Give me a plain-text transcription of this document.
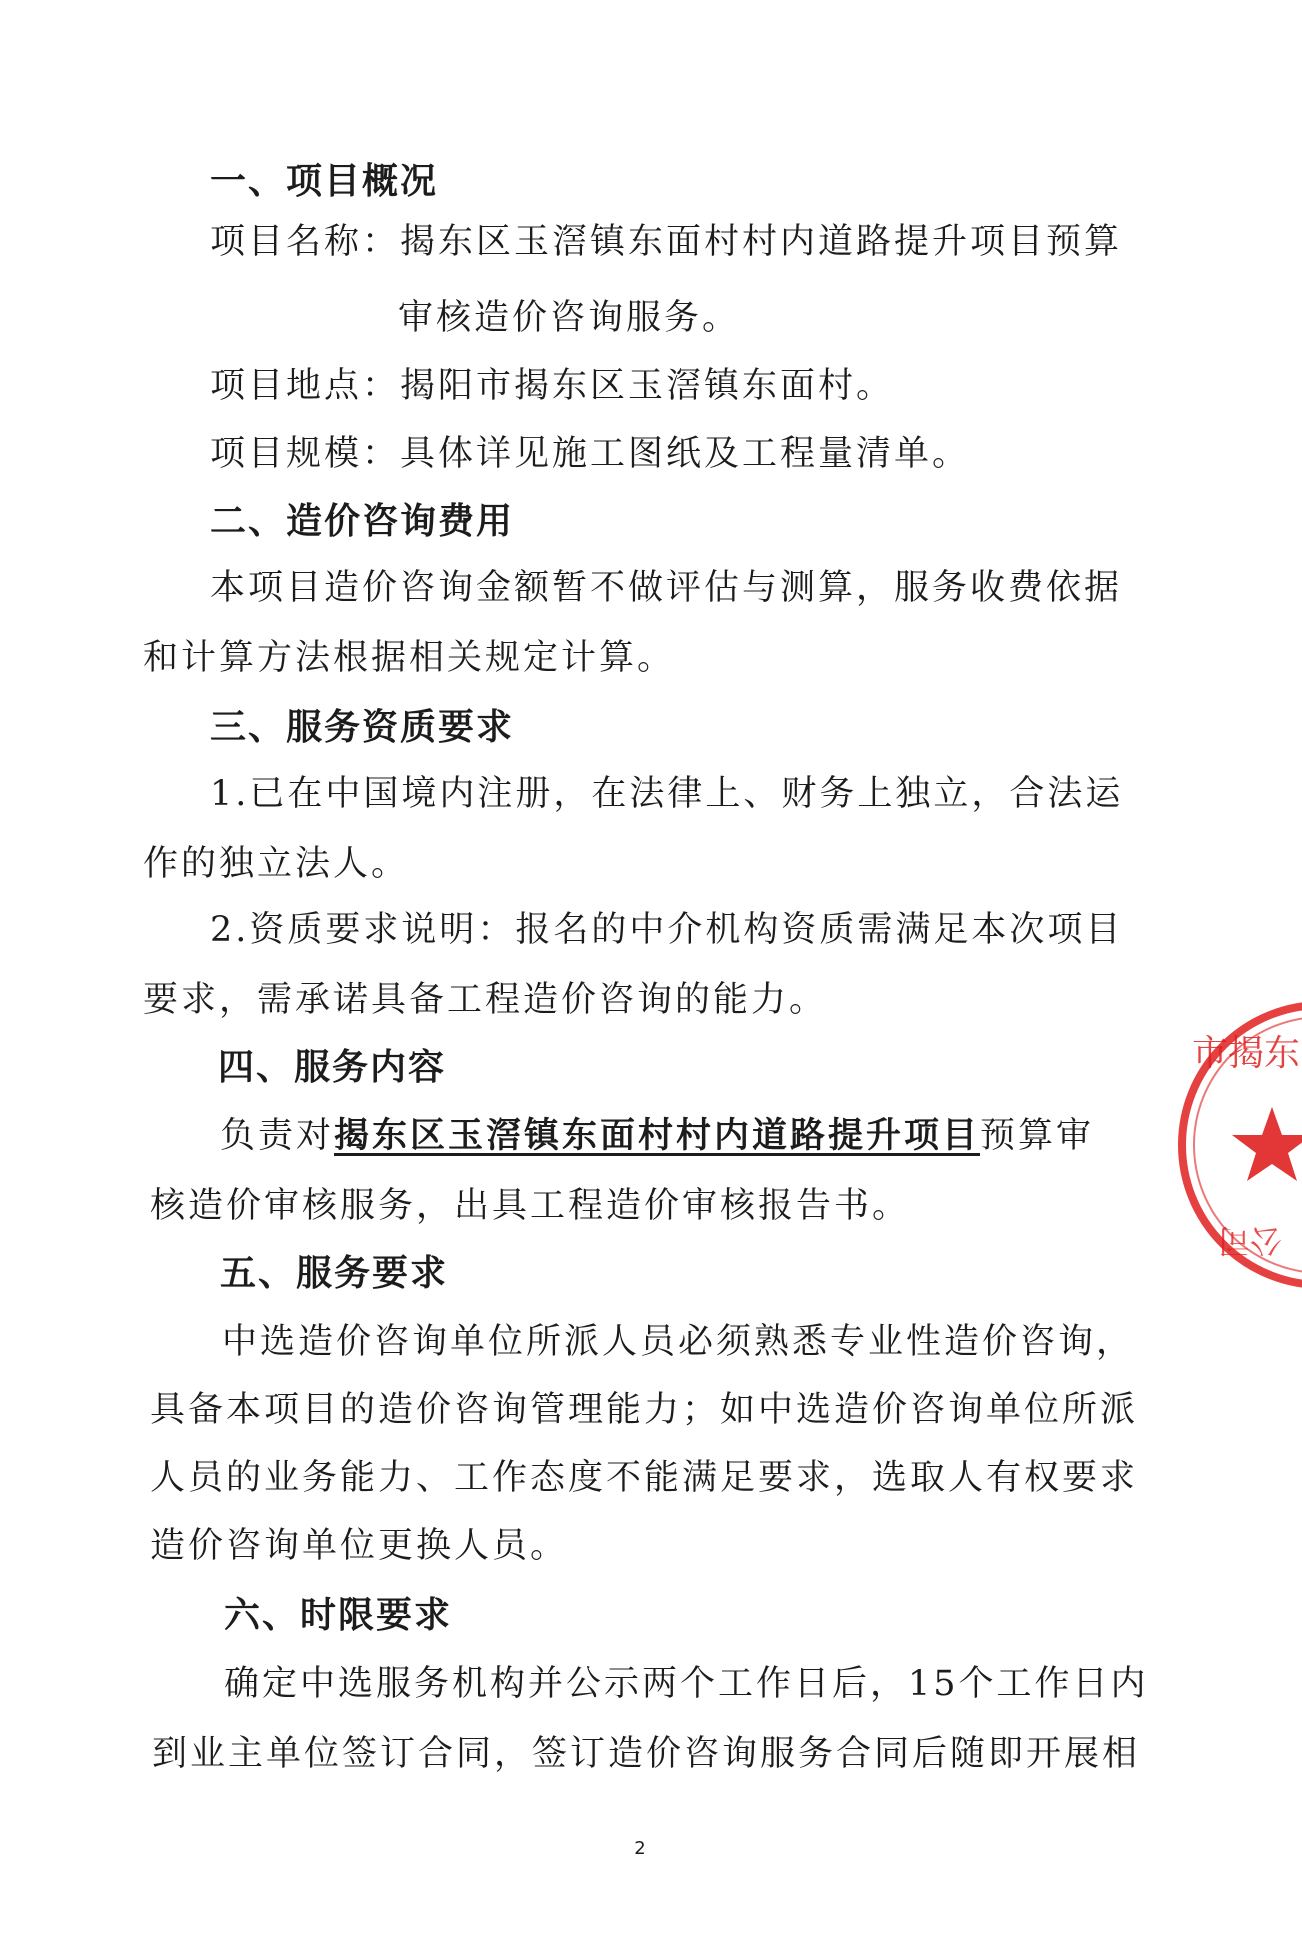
一、项目概况
项目名称：揭东区玉滘镇东面村村内道路提升项目预算
审核造价咨询服务。
项目地点：揭阳市揭东区玉滘镇东面村。
项目规模：具体详见施工图纸及工程量清单。
二、造价咨询费用
本项目造价咨询金额暂不做评估与测算，服务收费依据
和计算方法根据相关规定计算。
三、服务资质要求
1.已在中国境内注册，在法律上、财务上独立，合法运
作的独立法人。
2.资质要求说明：报名的中介机构资质需满足本次项目
要求，需承诺具备工程造价咨询的能力。
四、服务内容
负责对揭东区玉滘镇东面村村内道路提升项目预算审
核造价审核服务，出具工程造价审核报告书。
五、服务要求
中选造价咨询单位所派人员必须熟悉专业性造价咨询，
具备本项目的造价咨询管理能力；如中选造价咨询单位所派
人员的业务能力、工作态度不能满足要求，选取人有权要求
造价咨询单位更换人员。
六、时限要求
确定中选服务机构并公示两个工作日后，15个工作日内
到业主单位签订合同，签订造价咨询服务合同后随即开展相
市揭东
公司
2
